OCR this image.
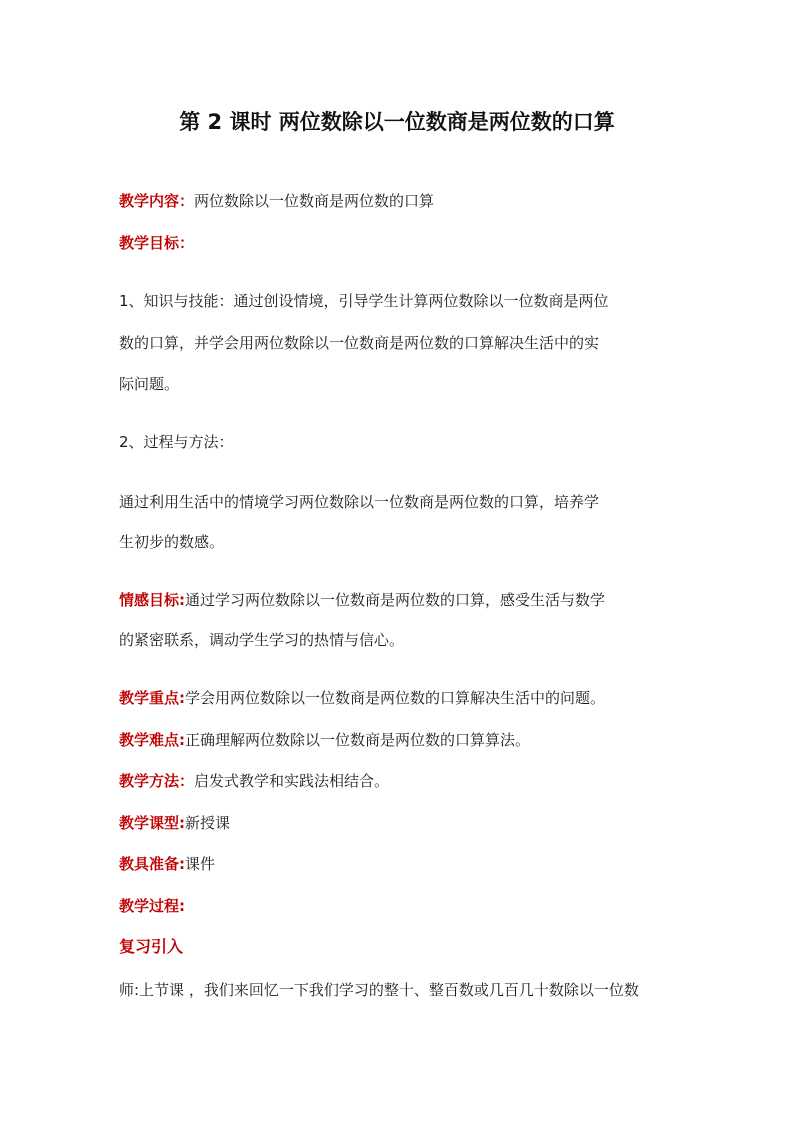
第 2 课时 两位数除以一位数商是两位数的口算
教学内容：两位数除以一位数商是两位数的口算
教学目标：
1、知识与技能：通过创设情境，引导学生计算两位数除以一位数商是两位
数的口算，并学会用两位数除以一位数商是两位数的口算解决生活中的实
际问题。
2、过程与方法：
通过利用生活中的情境学习两位数除以一位数商是两位数的口算，培养学
生初步的数感。
情感目标:通过学习两位数除以一位数商是两位数的口算，感受生活与数学
的紧密联系，调动学生学习的热情与信心。
教学重点:学会用两位数除以一位数商是两位数的口算解决生活中的问题。
教学难点:正确理解两位数除以一位数商是两位数的口算算法。
教学方法：启发式教学和实践法相结合。
教学课型:新授课
教具准备:课件
教学过程:
复习引入
师:上节课 ，我们来回忆一下我们学习的整十、整百数或几百几十数除以一位数
